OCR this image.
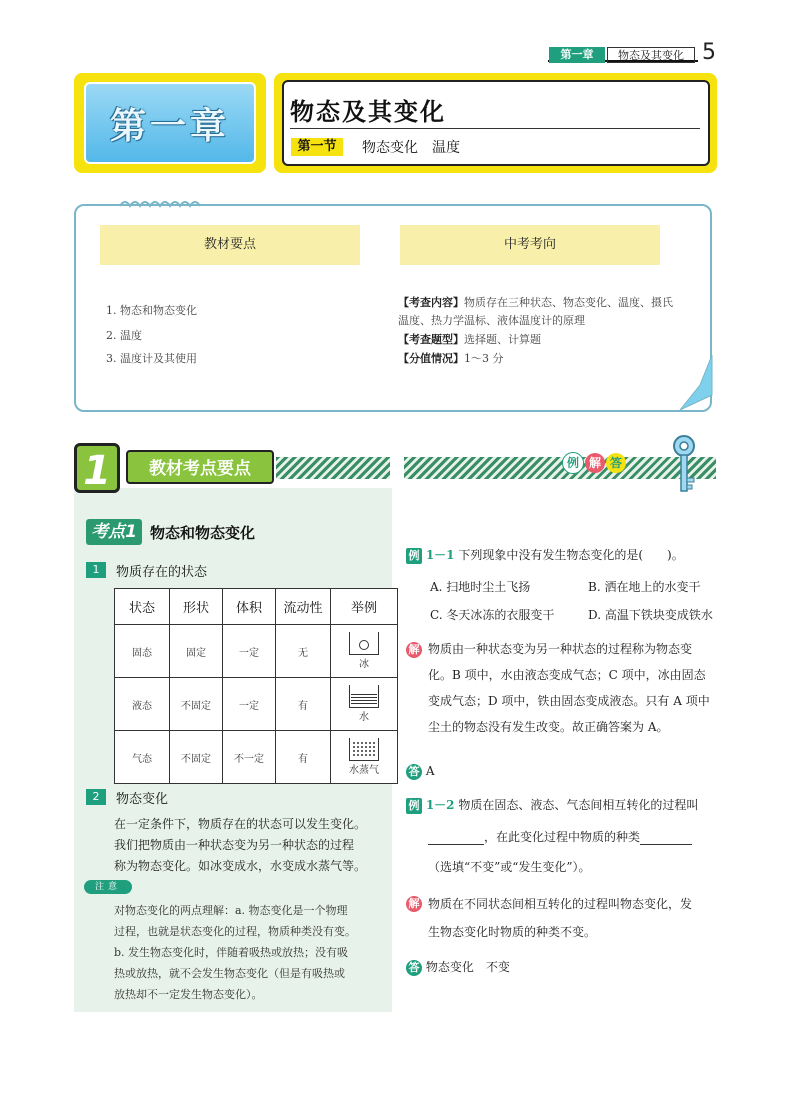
第一章	物态及其变化 5
第一章	物态及其变化
第一节	物态变化　温度
教材要点	中考考向
1. 物态和物态变化
2. 温度
3. 温度计及其使用
【考查内容】物质存在三种状态、物态变化、温度、摄氏
温度、热力学温标、液体温度计的原理
【考查题型】选择题、计算题
【分值情况】1～3 分
1	教材考点要点	例 解 答
考点1 物态和物态变化
1	物质存在的状态
状态	形状	体积	流动性	举例
固态	固定	一定	无	冰

液态	不固定	一定	有	水

气态	不固定	不一定	有	水蒸气
2	物态变化
在一定条件下，物质存在的状态可以发生变化。
我们把物质由一种状态变为另一种状态的过程
称为物态变化。如冰变成水，水变成水蒸气等。
注意
对物态变化的两点理解：a. 物态变化是一个物理
过程，也就是状态变化的过程，物质种类没有变。
b. 发生物态变化时，伴随着吸热或放热；没有吸
热或放热，就不会发生物态变化（但是有吸热或
放热却不一定发生物态变化）。
例 1－1 下列现象中没有发生物态变化的是(　　)。
A. 扫地时尘土飞扬	B. 洒在地上的水变干
C. 冬天冰冻的衣服变干	D. 高温下铁块变成铁水
解 物质由一种状态变为另一种状态的过程称为物态变
化。B 项中，水由液态变成气态；C 项中，冰由固态
变成气态；D 项中，铁由固态变成液态。只有 A 项中
尘土的物态没有发生改变。故正确答案为 A。
答 A
例 1－2 物质在固态、液态、气态间相互转化的过程叫
，在此变化过程中物质的种类
（选填“不变”或“发生变化”）。
解 物质在不同状态间相互转化的过程叫物态变化，发
生物态变化时物质的种类不变。
答 物态变化　不变
